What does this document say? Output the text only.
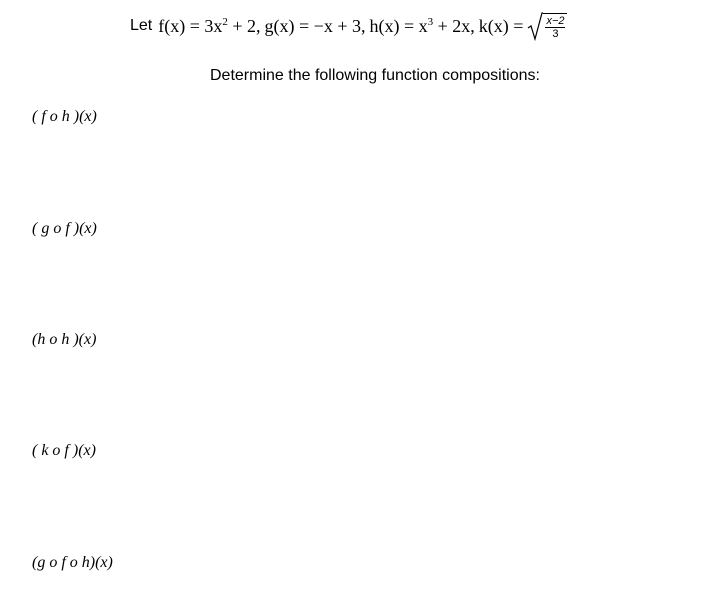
Let $f(x) = 3x^2 + 2$, g(x) = −x + 3, $h(x) = x^3 + 2x$, $k(x) = \frac{x-2}{3}$
Determine the following function compositions:
( f o h )(x)
( g o f )(x)
(h o h )(x)
( k o f )(x)
(g o f o h)(x)
